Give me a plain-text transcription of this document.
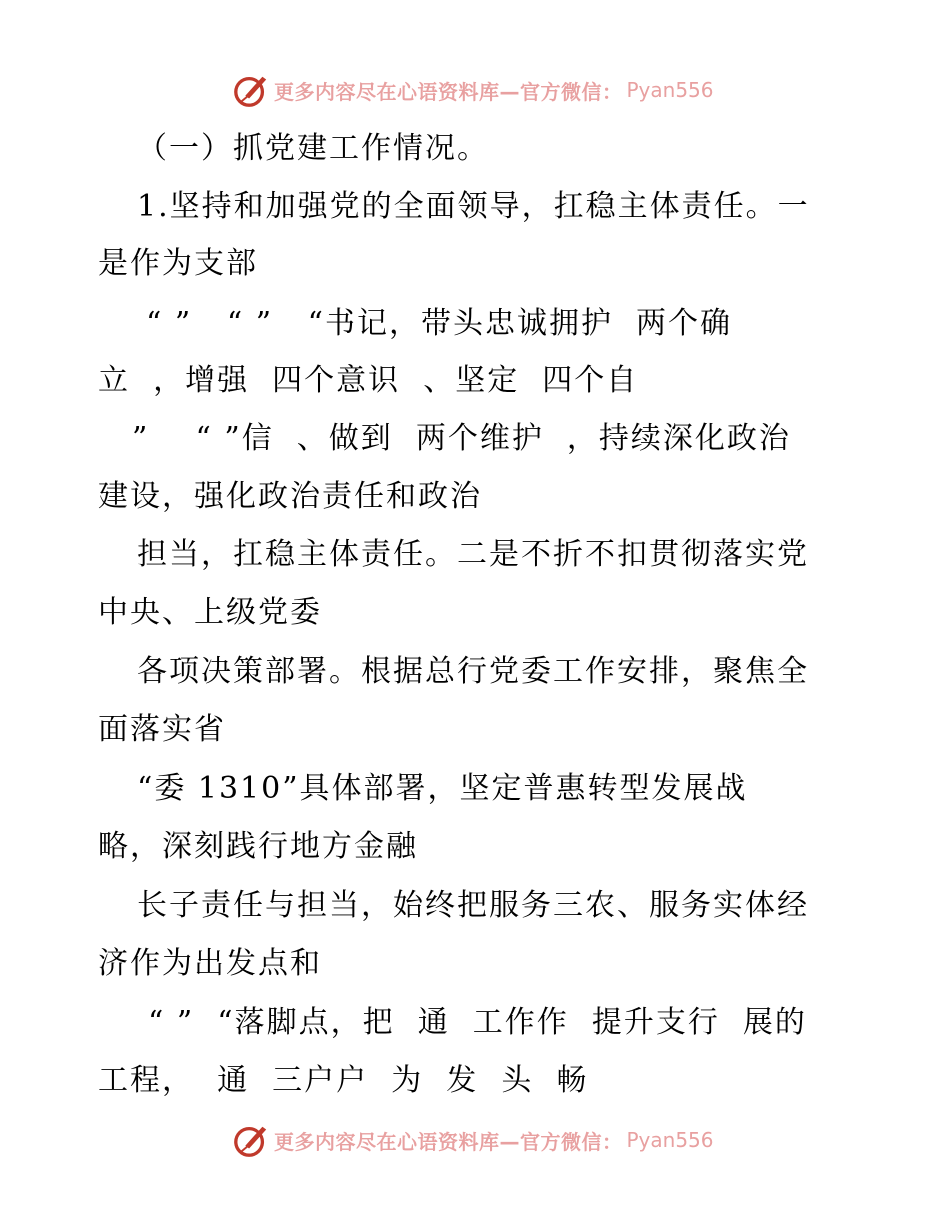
更多内容尽在心语资料库—官方微信： Pyan556
（一）抓党建工作情况。
1.坚持和加强党的全面领导，扛稳主体责任。一
是作为支部
“ ”   “ ”   “书记，带头忠诚拥护  两个确
立  ，增强  四个意识  、坚定  四个自
”    “ ”信  、做到  两个维护  ，持续深化政治
建设，强化政治责任和政治
担当，扛稳主体责任。二是不折不扣贯彻落实党
中央、上级党委
各项决策部署。根据总行党委工作安排，聚焦全
面落实省
“委 1310”具体部署，坚定普惠转型发展战
略，深刻践行地方金融
长子责任与担当，始终把服务三农、服务实体经
济作为出发点和
“ ”  “落脚点，把  通  工作作  提升支行  展的
工程，  通  三户户  为  发  头  畅
更多内容尽在心语资料库—官方微信： Pyan556
